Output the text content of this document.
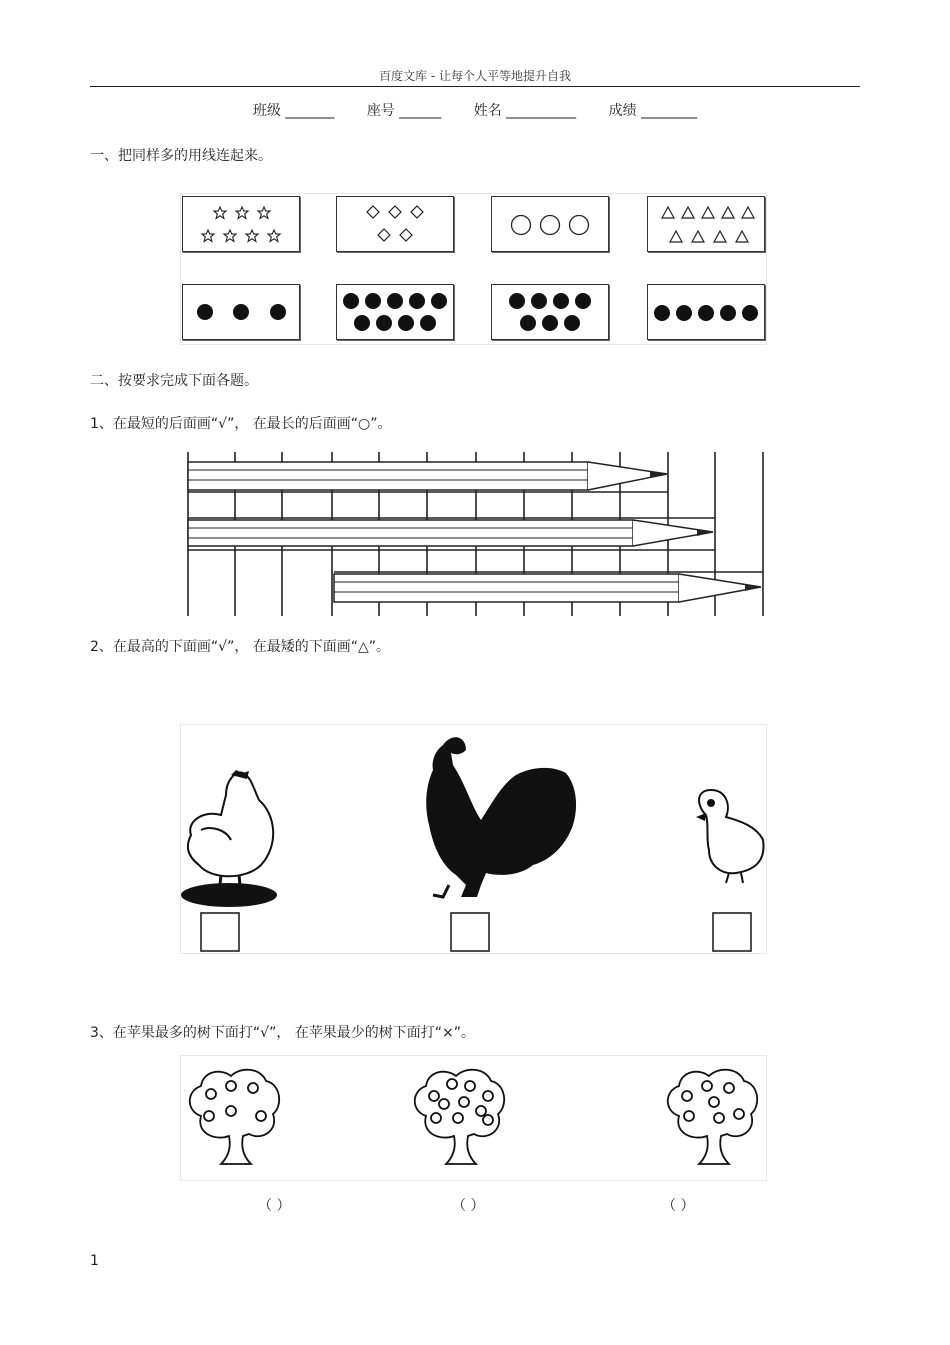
百度文库 - 让每个人平等地提升自我
班级 _______ 座号 ______ 姓名 __________ 成绩 ________
一、把同样多的用线连起来。
二、按要求完成下面各题。
1、在最短的后面画“√”， 在最长的后面画“○”。
2、在最高的下面画“√”， 在最矮的下面画“△”。
3、在苹果最多的树下面打“√”， 在苹果最少的树下面打“×”。
（ ）	（ ）	（ ）
1
